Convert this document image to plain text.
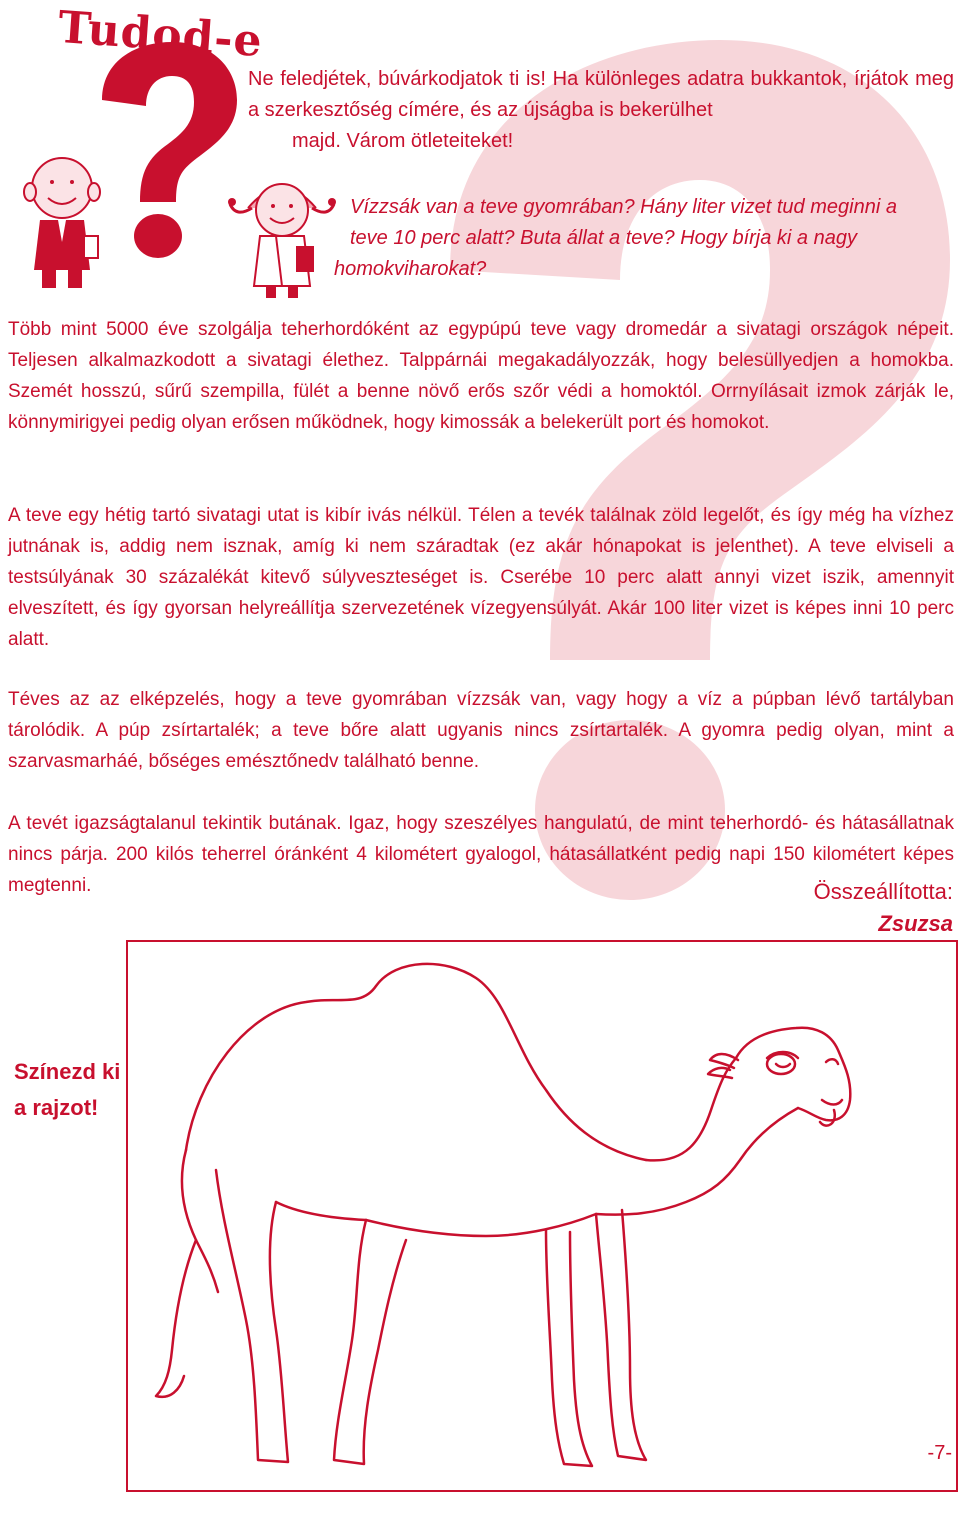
Tudod-e

Ne feledjétek, búvárkodjatok ti is! Ha különleges adatra bukkantok, írjátok meg a szerkesztőség címére, és az újságba is bekerülhet
majd. Várom ötleteiteket!

Vízzsák van a teve gyomrában? Hány liter vizet tud meginni a
teve 10 perc alatt? Buta állat a teve? Hogy bírja ki a nagy
homokviharokat?

Több mint 5000 éve szolgálja teherhordóként az egypúpú teve vagy dromedár a sivatagi országok népeit. Teljesen alkalmazkodott a sivatagi élethez. Talppárnái megakadályozzák, hogy belesüllyedjen a homokba. Szemét hosszú, sűrű szempilla, fülét a benne növő erős szőr védi a homoktól. Orrnyílásait izmok zárják le, könnymirigyei pedig olyan erősen működnek, hogy kimossák a belekerült port és homokot.

A teve egy hétig tartó sivatagi utat is kibír ivás nélkül. Télen a tevék találnak zöld legelőt, és így még ha vízhez jutnának is, addig nem isznak, amíg ki nem száradtak (ez akár hónapokat is jelenthet). A teve elviseli a testsúlyának 30 százalékát kitevő súlyveszteséget is. Cserébe 10 perc alatt annyi vizet iszik, amennyit elveszített, és így gyorsan helyreállítja szervezetének vízegyensúlyát. Akár 100 liter vizet is képes inni 10 perc alatt.

Téves az az elképzelés, hogy a teve gyomrában vízzsák van, vagy hogy a víz a púpban lévő tartályban tárolódik. A púp zsírtartalék; a teve bőre alatt ugyanis nincs zsírtartalék. A gyomra pedig olyan, mint a szarvasmarháé, bőséges emésztőnedv található benne.

A tevét igazságtalanul tekintik butának. Igaz, hogy szeszélyes hangulatú, de mint teherhordó- és hátasállatnak nincs párja. 200 kilós teherrel óránként 4 kilométert gyalogol, hátasállatként pedig napi 150 kilométert képes megtenni.	Összeállította:
Zsuzsa
Színezd ki
a rajzot!
-7-
